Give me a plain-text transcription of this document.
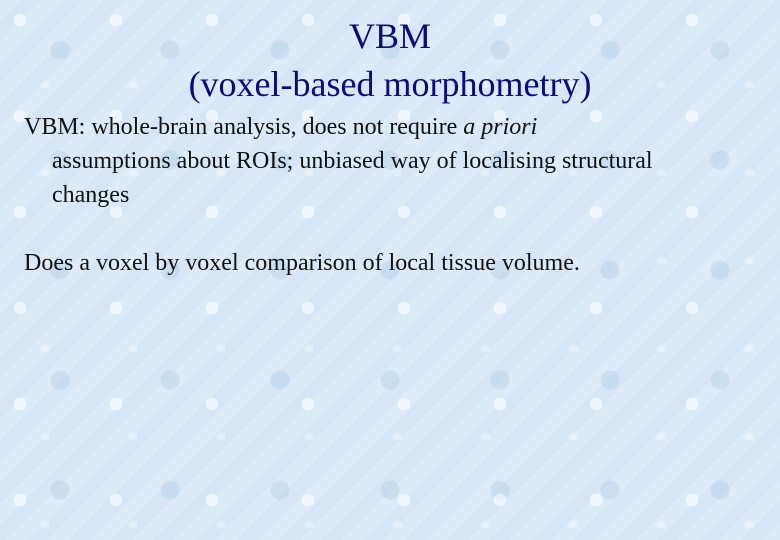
VBM
(voxel-based morphometry)

VBM: whole-brain analysis, does not require a priori
assumptions about ROIs; unbiased way of localising structural
changes

Does a voxel by voxel comparison of local tissue volume.
